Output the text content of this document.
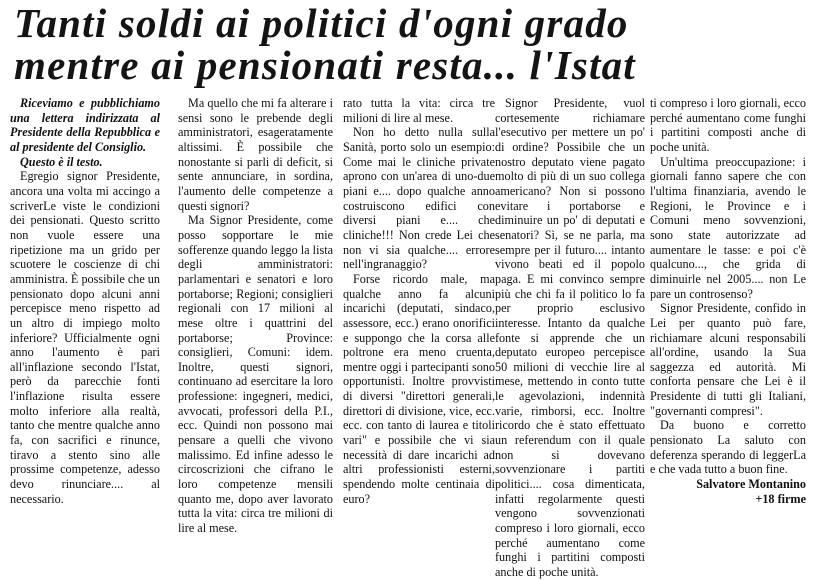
Tanti soldi ai politici d'ogni grado
mentre ai pensionati resta... l'Istat

Riceviamo e pubblichiamo una lettera indirizzata al Presidente della Repubblica e al presidente del Consiglio.

Questo è il testo.

Egregio signor Presidente, ancora una volta mi accingo a scriverLe viste le condizioni dei pensionati. Questo scritto non vuole essere una ripetizione ma un grido per scuotere le coscienze di chi amministra. È possibile che un pensionato dopo alcuni anni percepisce meno rispetto ad un altro di impiego molto inferiore? Ufficialmente ogni anno l'aumento è pari all'inflazione secondo l'Istat, però da parecchie fonti l'inflazione risulta essere molto inferiore alla realtà, tanto che mentre qualche anno fa, con sacrifici e rinunce, tiravo a stento sino alle prossime competenze, adesso devo rinunciare.... al necessario.

Ma quello che mi fa alterare i sensi sono le prebende degli amministratori, esageratamente altissimi. È possibile che nonostante si parli di deficit, si sente annunciare, in sordina, l'aumento delle competenze a questi signori?

Ma Signor Presidente, come posso sopportare le mie sofferenze quando leggo la lista degli amministratori: parlamentari e senatori e loro portaborse; Regioni; consiglieri regionali con 17 milioni al mese oltre i quattrini del portaborse; Province: consiglieri, Comuni: idem. Inoltre, questi signori, continuano ad esercitare la loro professione: ingegneri, medici, avvocati, professori della P.I., ecc. Quindi non possono mai pensare a quelli che vivono malissimo. Ed infine adesso le circoscrizioni che cifrano le loro competenze mensili quanto me, dopo aver lavorato tutta la vita: circa tre milioni di lire al mese.

rato tutta la vita: circa tre milioni di lire al mese.

Non ho detto nulla sulla Sanità, porto solo un esempio: Come mai le cliniche private aprono con un'area di uno-due piani e.... dopo qualche anno costruiscono edifici con diversi piani e.... che cliniche!!! Non crede Lei che non vi sia qualche.... errore nell'ingranaggio?

Forse ricordo male, ma qualche anno fa alcuni incarichi (deputati, sindaco, assessore, ecc.) erano onorifici e suppongo che la corsa alle poltrone era meno cruenta, mentre oggi i partecipanti sono opportunisti. Inoltre provvisti di diversi "direttori generali, direttori di divisione, vice, ecc. ecc. con tanto di laurea e titoli vari" e possibile che vi sia necessità di dare incarichi ad altri professionisti esterni, spendendo molte centinaia di euro?

Signor Presidente, vuol cortesemente richiamare l'esecutivo per mettere un po' di ordine? Possibile che un nostro deputato viene pagato molto di più di un suo collega americano? Non si possono evitare i portaborse e diminuire un po' di deputati e senatori? Sì, se ne parla, ma sempre per il futuro.... intanto vivono beati ed il popolo paga. E mi convinco sempre più che chi fa il politico lo fa per proprio esclusivo interesse. Intanto da qualche fonte si apprende che un deputato europeo percepisce 50 milioni di vecchie lire al mese, mettendo in conto tutte le agevolazioni, indennità varie, rimborsi, ecc. Inoltre ricordo che è stato effettuato un referendum con il quale non si dovevano sovvenzionare i partiti politici.... cosa dimenticata, infatti regolarmente questi vengono sovvenzionati compreso i loro giornali, ecco perché aumentano come funghi i partitini composti anche di poche unità.

ti compreso i loro giornali, ecco perché aumentano come funghi i partitini composti anche di poche unità.

Un'ultima preoccupazione: i giornali fanno sapere che con l'ultima finanziaria, avendo le Regioni, le Province e i Comuni meno sovvenzioni, sono state autorizzate ad aumentare le tasse: e poi c'è qualcuno..., che grida di diminuirle nel 2005.... non Le pare un controsenso?

Signor Presidente, confido in Lei per quanto può fare, richiamare alcuni responsabili all'ordine, usando la Sua saggezza ed autorità. Mi conforta pensare che Lei è il Presidente di tutti gli Italiani, "governanti compresi".

Da buono e corretto pensionato La saluto con deferenza sperando di leggerLa e che vada tutto a buon fine.

Salvatore Montanino

+18 firme
